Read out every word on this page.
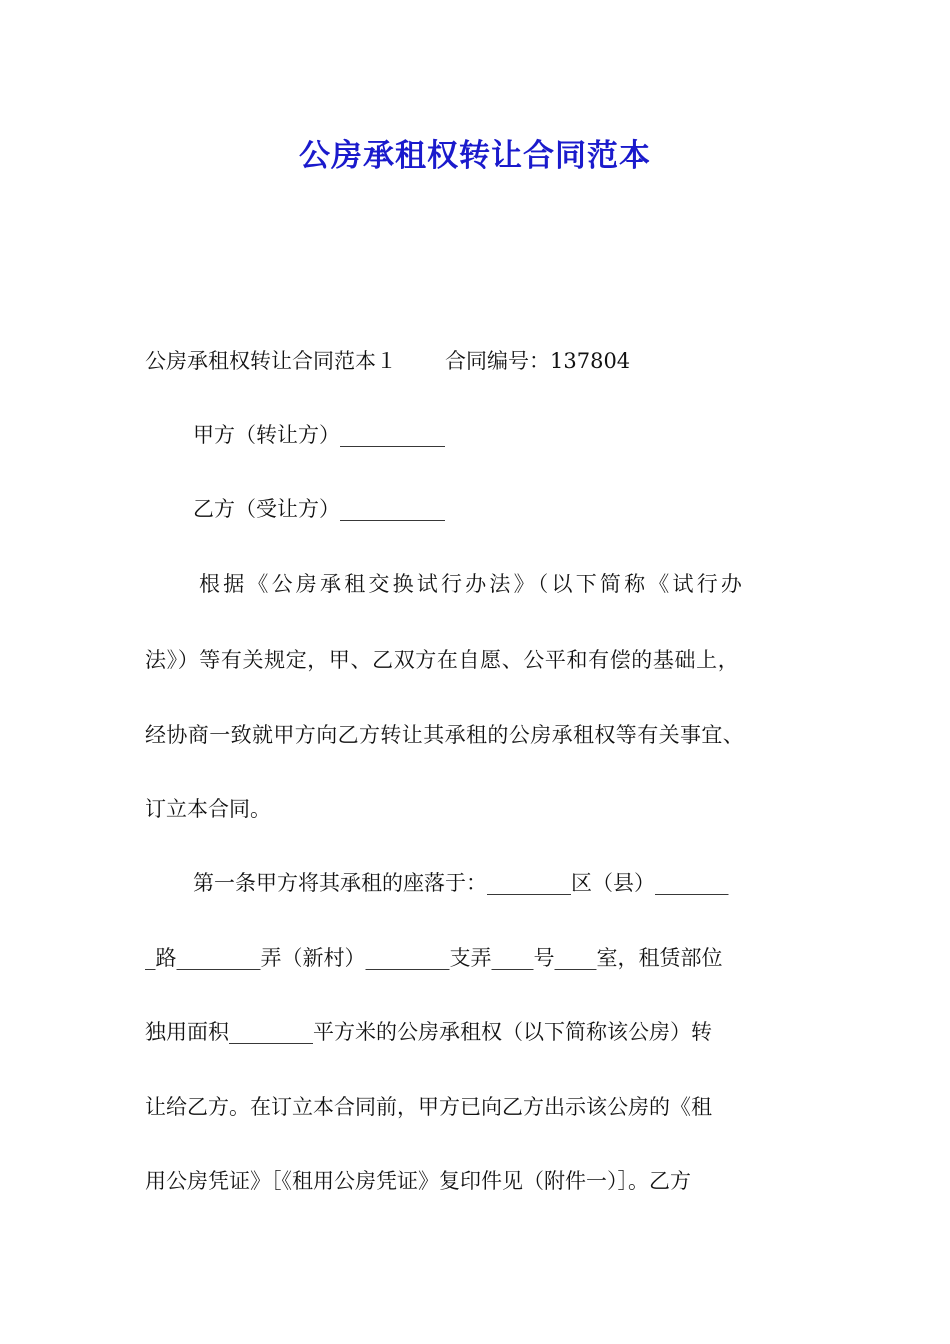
公房承租权转让合同范本
公房承租权转让合同范本１ 合同编号：137804
甲方（转让方）__________
乙方（受让方）__________
根据《公房承租交换试行办法》（以下简称《试行办
法》）等有关规定，甲、乙双方在自愿、公平和有偿的基础上，
经协商一致就甲方向乙方转让其承租的公房承租权等有关事宜、
订立本合同。
第一条甲方将其承租的座落于：________区（县）_______
_路________弄（新村）________支弄____号____室，租赁部位
独用面积________平方米的公房承租权（以下简称该公房）转
让给乙方。在订立本合同前，甲方已向乙方出示该公房的《租
用公房凭证》［《租用公房凭证》复印件见（附件一）］。乙方
